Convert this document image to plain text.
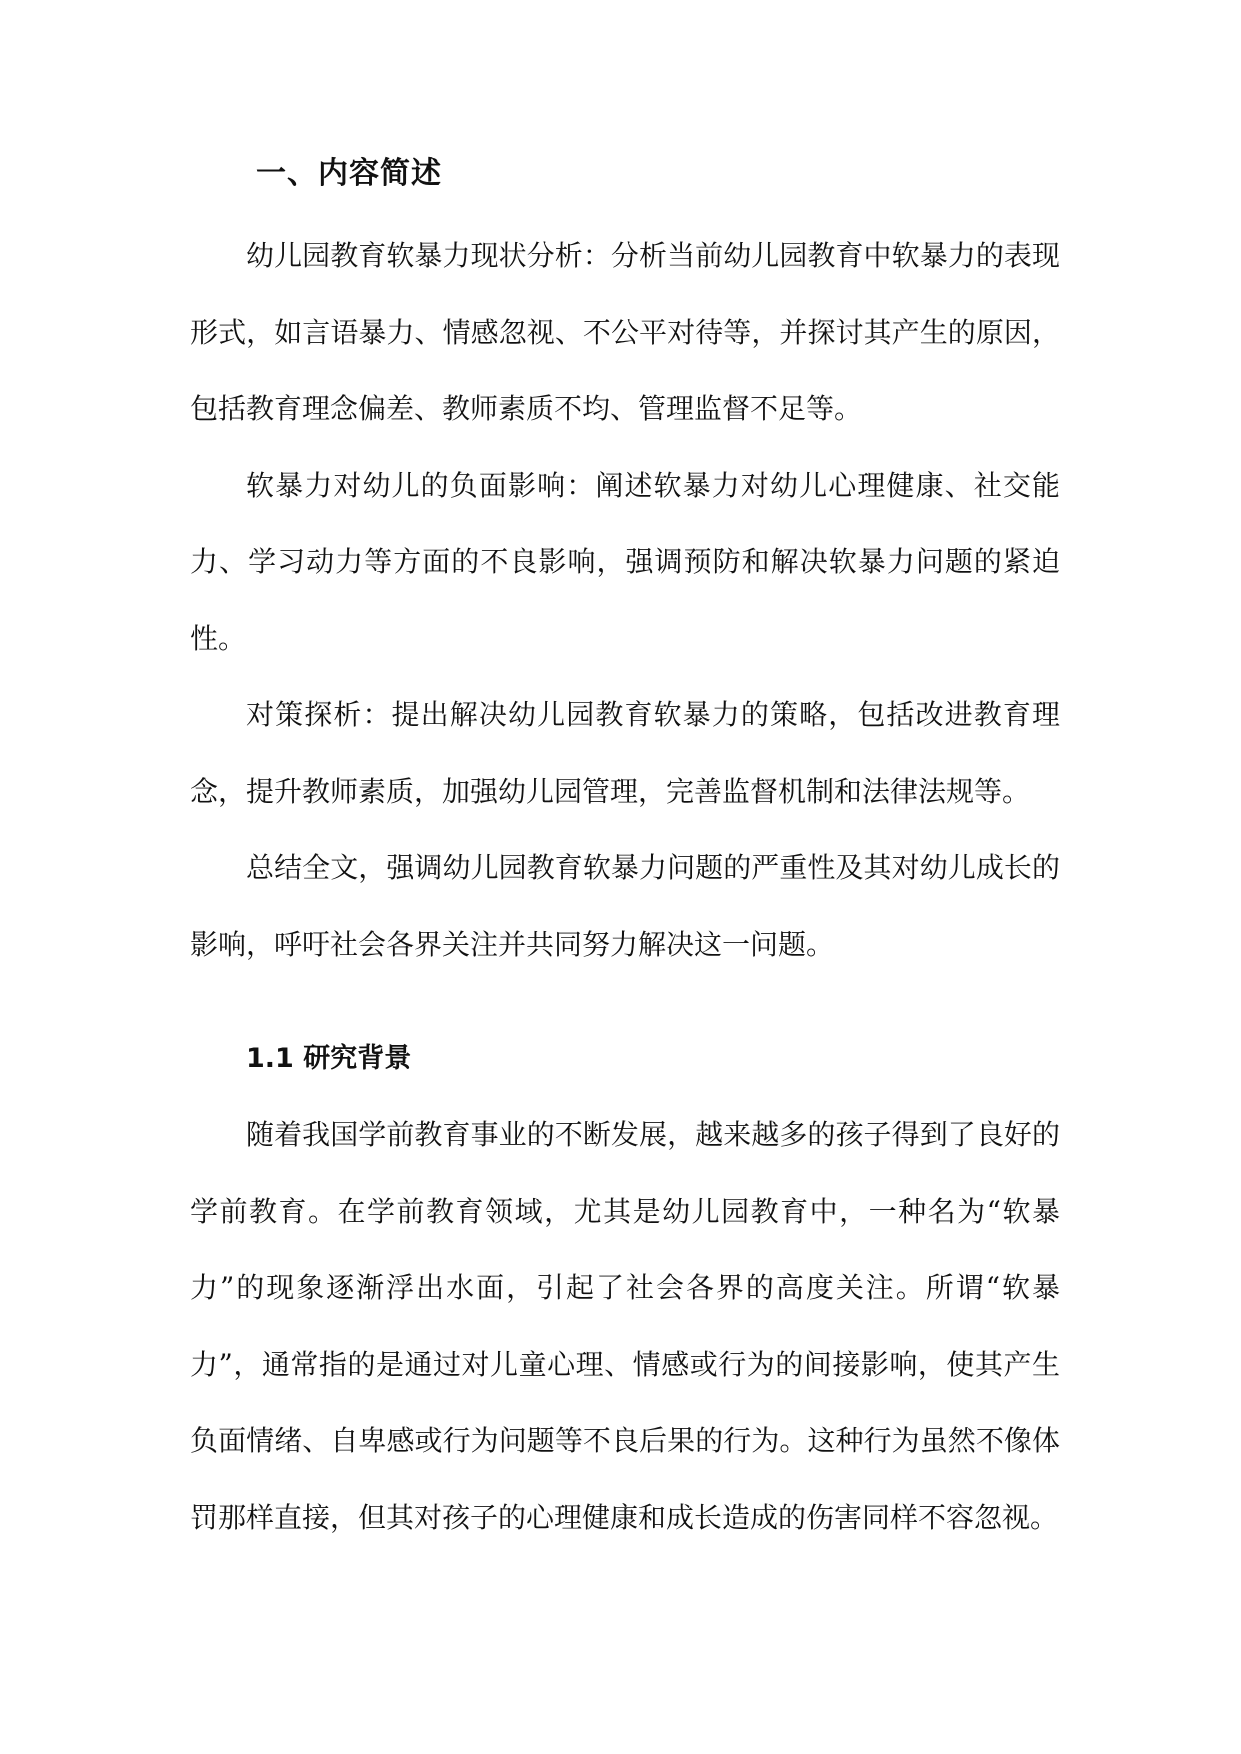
一、内容简述

幼儿园教育软暴力现状分析：分析当前幼儿园教育中软暴力的表现形式，如言语暴力、情感忽视、不公平对待等，并探讨其产生的原因，包括教育理念偏差、教师素质不均、管理监督不足等。

软暴力对幼儿的负面影响：阐述软暴力对幼儿心理健康、社交能力、学习动力等方面的不良影响，强调预防和解决软暴力问题的紧迫性。

对策探析：提出解决幼儿园教育软暴力的策略，包括改进教育理念，提升教师素质，加强幼儿园管理，完善监督机制和法律法规等。

总结全文，强调幼儿园教育软暴力问题的严重性及其对幼儿成长的影响，呼吁社会各界关注并共同努力解决这一问题。

1.1 研究背景

随着我国学前教育事业的不断发展，越来越多的孩子得到了良好的学前教育。在学前教育领域，尤其是幼儿园教育中，一种名为“软暴力”的现象逐渐浮出水面，引起了社会各界的高度关注。所谓“软暴力”，通常指的是通过对儿童心理、情感或行为的间接影响，使其产生负面情绪、自卑感或行为问题等不良后果的行为。这种行为虽然不像体罚那样直接，但其对孩子的心理健康和成长造成的伤害同样不容忽视。
